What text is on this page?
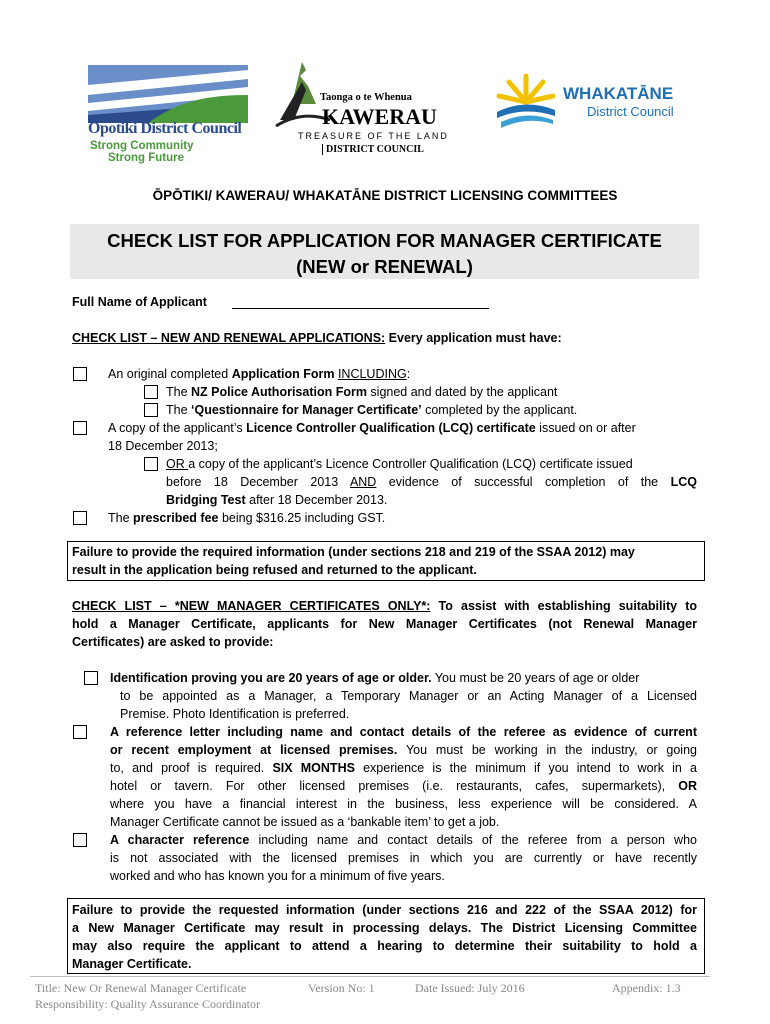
Opotiki District Council
Strong Community
Strong Future
Taonga o te Whenua
KAWERAU
TREASURE OF THE LAND
DISTRICT COUNCIL
WHAKATĀNE
District Council
ŌPŌTIKI/ KAWERAU/ WHAKATĀNE DISTRICT LICENSING COMMITTEES
CHECK LIST FOR APPLICATION FOR MANAGER CERTIFICATE
(NEW or RENEWAL)
Full Name of Applicant
CHECK LIST – NEW AND RENEWAL APPLICATIONS: Every application must have:
An original completed Application Form INCLUDING:
The NZ Police Authorisation Form signed and dated by the applicant
The ‘Questionnaire for Manager Certificate’ completed by the applicant.
A copy of the applicant’s Licence Controller Qualification (LCQ) certificate issued on or after
18 December 2013;
OR a copy of the applicant’s Licence Controller Qualification (LCQ) certificate issued
before 18 December 2013 AND evidence of successful completion of the LCQ
Bridging Test after 18 December 2013.
The prescribed fee being $316.25 including GST.
Failure to provide the required information (under sections 218 and 219 of the SSAA 2012) may
result in the application being refused and returned to the applicant.
CHECK LIST – *NEW MANAGER CERTIFICATES ONLY*: To assist with establishing suitability to
hold a Manager Certificate, applicants for New Manager Certificates (not Renewal Manager
Certificates) are asked to provide:
Identification proving you are 20 years of age or older. You must be 20 years of age or older
to be appointed as a Manager, a Temporary Manager or an Acting Manager of a Licensed
Premise. Photo Identification is preferred.
A reference letter including name and contact details of the referee as evidence of current
or recent employment at licensed premises. You must be working in the industry, or going
to, and proof is required. SIX MONTHS experience is the minimum if you intend to work in a
hotel or tavern. For other licensed premises (i.e. restaurants, cafes, supermarkets), OR
where you have a financial interest in the business, less experience will be considered. A
Manager Certificate cannot be issued as a ‘bankable item’ to get a job.
A character reference including name and contact details of the referee from a person who
is not associated with the licensed premises in which you are currently or have recently
worked and who has known you for a minimum of five years.
Failure to provide the requested information (under sections 216 and 222 of the SSAA 2012) for
a New Manager Certificate may result in processing delays. The District Licensing Committee
may also require the applicant to attend a hearing to determine their suitability to hold a
Manager Certificate.
Title: New Or Renewal Manager Certificate	Version No: 1	Date Issued: July 2016	Appendix: 1.3
Responsibility: Quality Assurance Coordinator
